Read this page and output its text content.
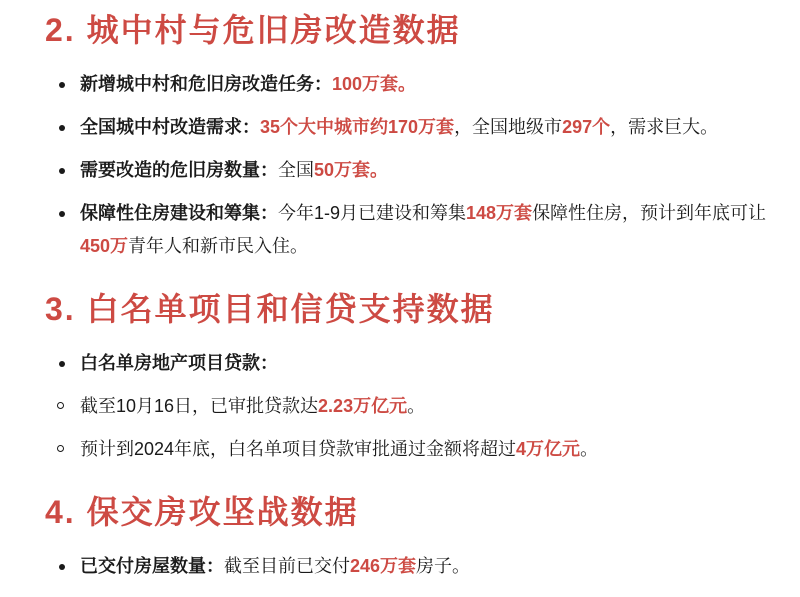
2. 城中村与危旧房改造数据
新增城中村和危旧房改造任务：100万套。
全国城中村改造需求：35个大中城市约170万套，全国地级市297个，需求巨大。
需要改造的危旧房数量：全国50万套。
保障性住房建设和筹集：今年1-9月已建设和筹集148万套保障性住房，预计到年底可让450万青年人和新市民入住。
3. 白名单项目和信贷支持数据
白名单房地产项目贷款：
截至10月16日，已审批贷款达2.23万亿元。
预计到2024年底，白名单项目贷款审批通过金额将超过4万亿元。
4. 保交房攻坚战数据
已交付房屋数量：截至目前已交付246万套房子。
